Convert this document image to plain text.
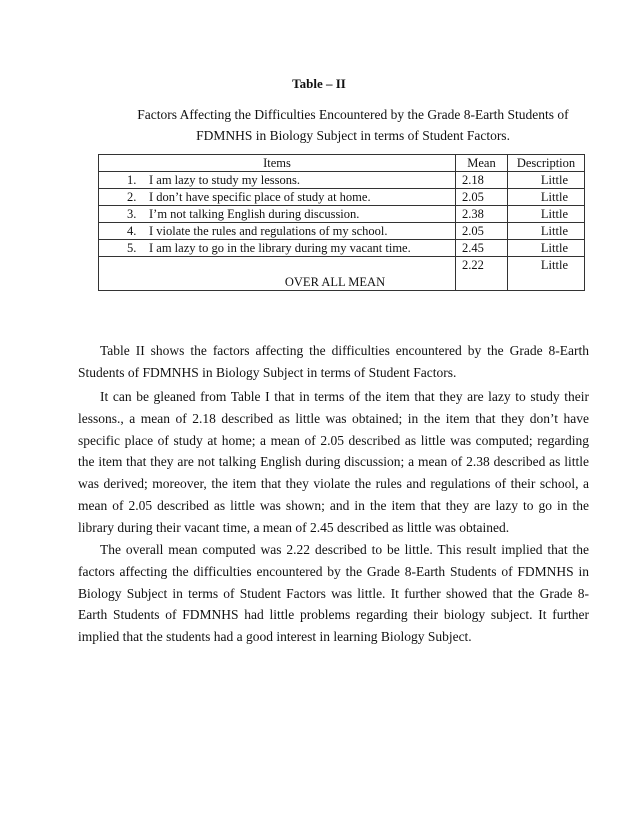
Table – II
Factors Affecting the Difficulties Encountered by the Grade 8-Earth Students of FDMNHS in Biology Subject in terms of Student Factors.
Items	Mean	Description
1. I am lazy to study my lessons.	2.18	Little
2. I don’t have specific place of study at home.	2.05	Little
3. I’m not talking English during discussion.	2.38	Little
4. I violate the rules and regulations of my school.	2.05	Little
5. I am lazy to go in the library during my vacant time.	2.45	Little
OVER ALL MEAN	2.22	Little

Table II shows the factors affecting the difficulties encountered by the Grade 8-Earth Students of FDMNHS in Biology Subject in terms of Student Factors.

It can be gleaned from Table I that in terms of the item that they are lazy to study their lessons., a mean of 2.18 described as little was obtained; in the item that they don’t have specific place of study at home; a mean of 2.05 described as little was computed; regarding the item that they are not talking English during discussion; a mean of 2.38 described as little was derived; moreover, the item that they violate the rules and regulations of their school, a mean of 2.05 described as little was shown; and in the item that they are lazy to go in the library during their vacant time, a mean of 2.45 described as little was obtained.

The overall mean computed was 2.22 described to be little. This result implied that the factors affecting the difficulties encountered by the Grade 8-Earth Students of FDMNHS in Biology Subject in terms of Student Factors was little. It further showed that the Grade 8- Earth Students of FDMNHS had little problems regarding their biology subject. It further implied that the students had a good interest in learning Biology Subject.
